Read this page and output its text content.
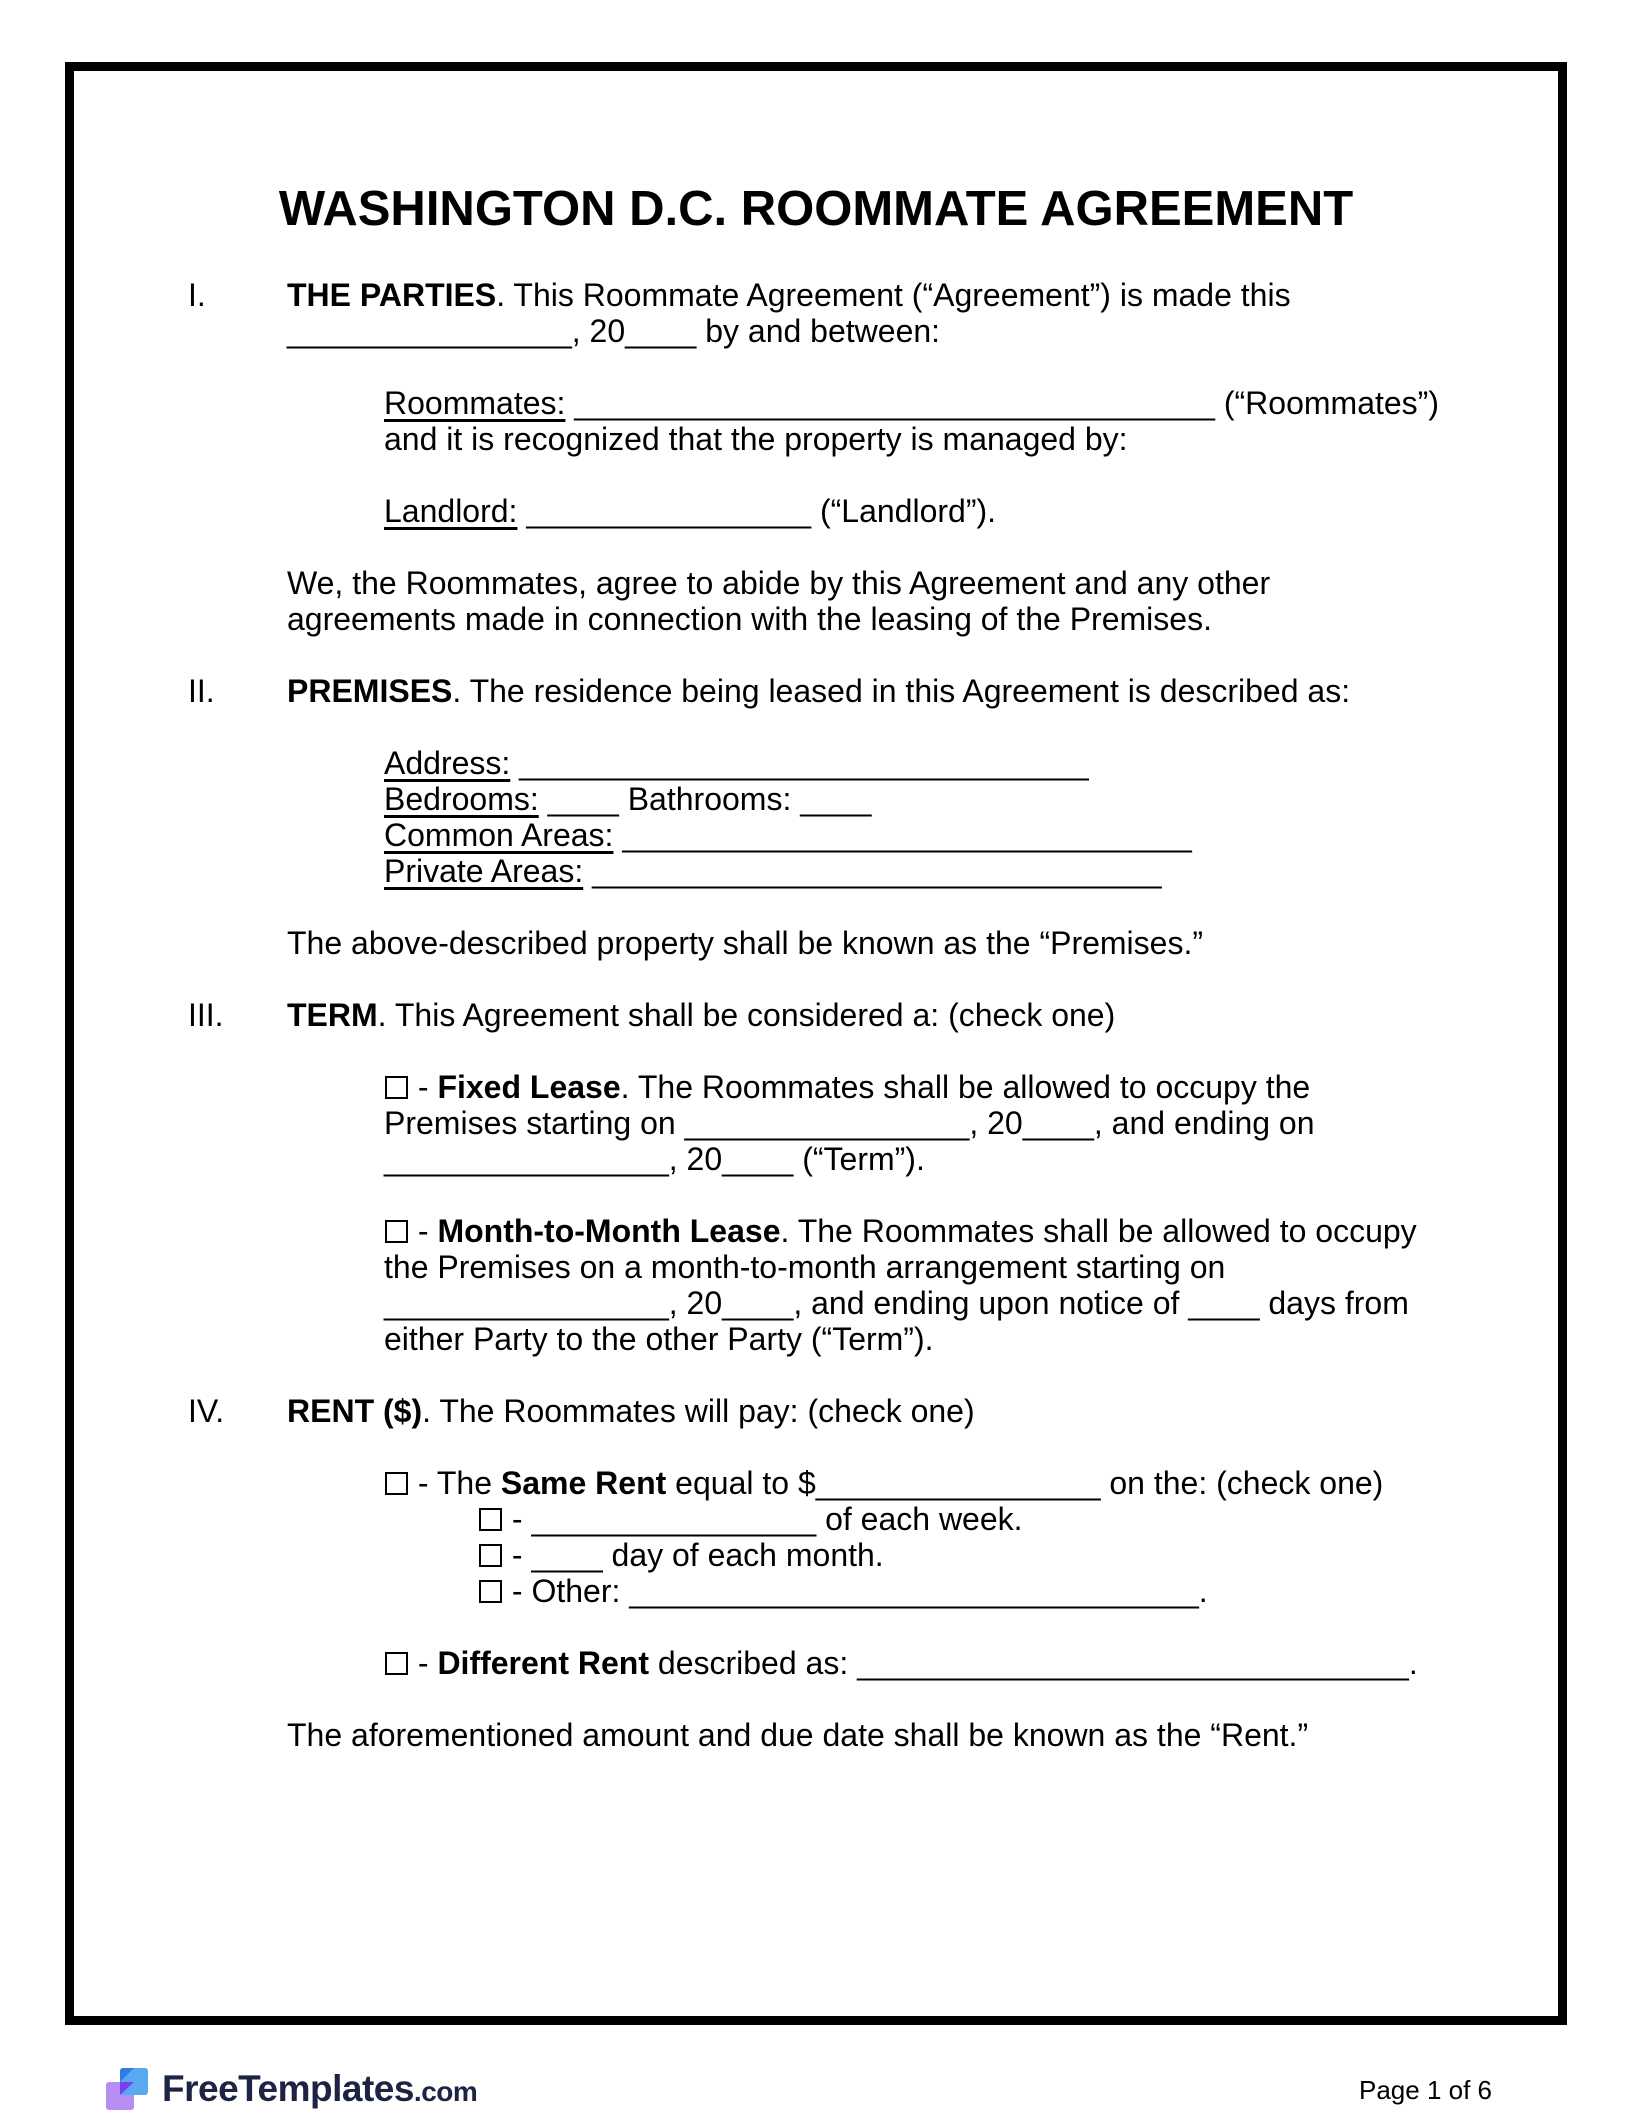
WASHINGTON D.C. ROOMMATE AGREEMENT
I.	THE PARTIES. This Roommate Agreement (“Agreement”) is made this
________________, 20____ by and between:
Roommates: ____________________________________ (“Roommates”)
and it is recognized that the property is managed by:
Landlord: ________________ (“Landlord”).
We, the Roommates, agree to abide by this Agreement and any other
agreements made in connection with the leasing of the Premises.
II. PREMISES. The residence being leased in this Agreement is described as:
Address: ________________________________
Bedrooms: ____ Bathrooms: ____
Common Areas: ________________________________
Private Areas: ________________________________
The above-described property shall be known as the “Premises.”
III. TERM. This Agreement shall be considered a: (check one)
- Fixed Lease. The Roommates shall be allowed to occupy the
Premises starting on ________________, 20____, and ending on
________________, 20____ (“Term”).
- Month-to-Month Lease. The Roommates shall be allowed to occupy
the Premises on a month-to-month arrangement starting on
________________, 20____, and ending upon notice of ____ days from
either Party to the other Party (“Term”).
IV. RENT ($). The Roommates will pay: (check one)
- The Same Rent equal to $________________ on the: (check one)
- ________________ of each week.
- ____ day of each month.
- Other: ________________________________.
- Different Rent described as: _______________________________.
The aforementioned amount and due date shall be known as the “Rent.”
FreeTemplates .com	Page 1 of 6
